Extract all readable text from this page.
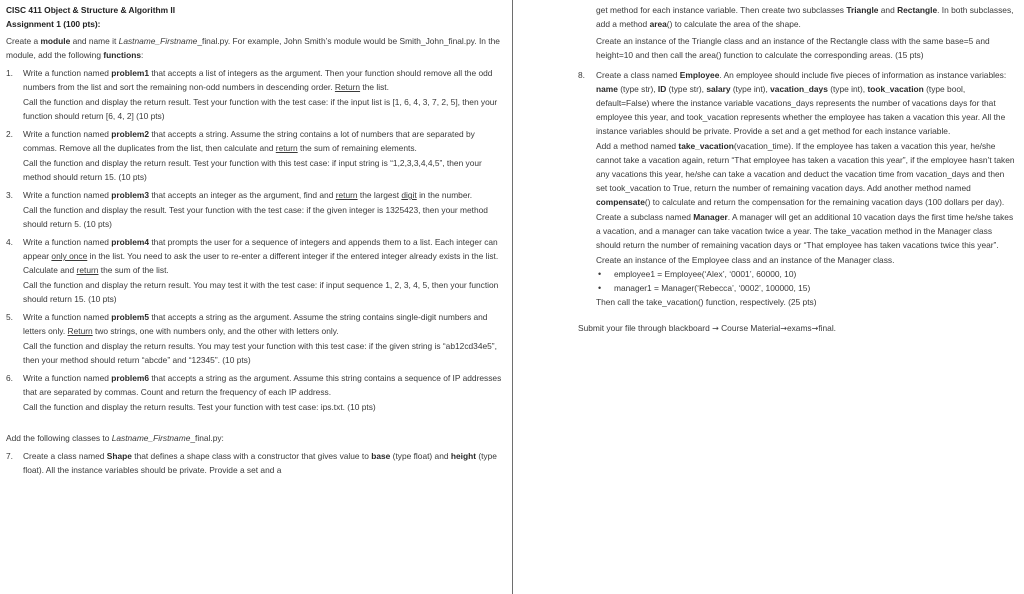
CISC 411 Object & Structure & Algorithm II

Assignment 1 (100 pts):

Create a module and name it Lastname_Firstname_final.py. For example, John Smith’s module would be Smith_John_final.py. In the module, add the following functions:

1. Write a function named problem1 that accepts a list of integers as the argument. Then your function should remove all the odd numbers from the list and sort the remaining non-odd numbers in descending order. Return the list.

Call the function and display the return result. Test your function with the test case: if the input list is [1, 6, 4, 3, 7, 2, 5], then your function should return [6, 4, 2] (10 pts)

2. Write a function named problem2 that accepts a string. Assume the string contains a lot of numbers that are separated by commas. Remove all the duplicates from the list, then calculate and return the sum of remaining elements.

Call the function and display the return result. Test your function with this test case: if input string is “1,2,3,3,4,4,5”, then your method should return 15. (10 pts)

3. Write a function named problem3 that accepts an integer as the argument, find and return the largest digit in the number.

Call the function and display the result. Test your function with the test case: if the given integer is 1325423, then your method should return 5. (10 pts)

4. Write a function named problem4 that prompts the user for a sequence of integers and appends them to a list. Each integer can appear only once in the list. You need to ask the user to re-enter a different integer if the entered integer already exists in the list. Calculate and return the sum of the list.

Call the function and display the return result. You may test it with the test case: if input sequence 1, 2, 3, 4, 5, then your function should return 15. (10 pts)

5. Write a function named problem5 that accepts a string as the argument. Assume the string contains single-digit numbers and letters only. Return two strings, one with numbers only, and the other with letters only.

Call the function and display the return results. You may test your function with this test case: if the given string is “ab12cd34e5”, then your method should return “abcde” and “12345”. (10 pts)

6. Write a function named problem6 that accepts a string as the argument. Assume this string contains a sequence of IP addresses that are separated by commas. Count and return the frequency of each IP address.

Call the function and display the return results. Test your function with test case: ips.txt. (10 pts)

Add the following classes to Lastname_Firstname_final.py:

7. Create a class named Shape that defines a shape class with a constructor that gives value to base (type float) and height (type float). All the instance variables should be private. Provide a set and a

get method for each instance variable. Then create two subclasses Triangle and Rectangle. In both subclasses, add a method area() to calculate the area of the shape.

Create an instance of the Triangle class and an instance of the Rectangle class with the same base=5 and height=10 and then call the area() function to calculate the corresponding areas. (15 pts)

8. Create a class named Employee. An employee should include five pieces of information as instance variables: name (type str), ID (type str), salary (type int), vacation_days (type int), took_vacation (type bool, default=False) where the instance variable vacations_days represents the number of vacations days for that employee this year, and took_vacation represents whether the employee has taken a vacation this year. All the instance variables should be private. Provide a set and a get method for each instance variable.

Add a method named take_vacation(vacation_time). If the employee has taken a vacation this year, he/she cannot take a vacation again, return “That employee has taken a vacation this year”, if the employee hasn’t taken any vacations this year, he/she can take a vacation and deduct the vacation time from vacation_days and then set took_vacation to True, return the number of remaining vacation days. Add another method named compensate() to calculate and return the compensation for the remaining vacation days (100 dollars per day).

Create a subclass named Manager. A manager will get an additional 10 vacation days the first time he/she takes a vacation, and a manager can take vacation twice a year. The take_vacation method in the Manager class should return the number of remaining vacation days or “That employee has taken vacations twice this year”.

Create an instance of the Employee class and an instance of the Manager class.

• employee1 = Employee(‘Alex’, ‘0001’, 60000, 10)
• manager1 = Manager(‘Rebecca’, ‘0002’, 100000, 15)

Then call the take_vacation() function, respectively. (25 pts)

Submit your file through blackboard → Course Material→exams→final.
